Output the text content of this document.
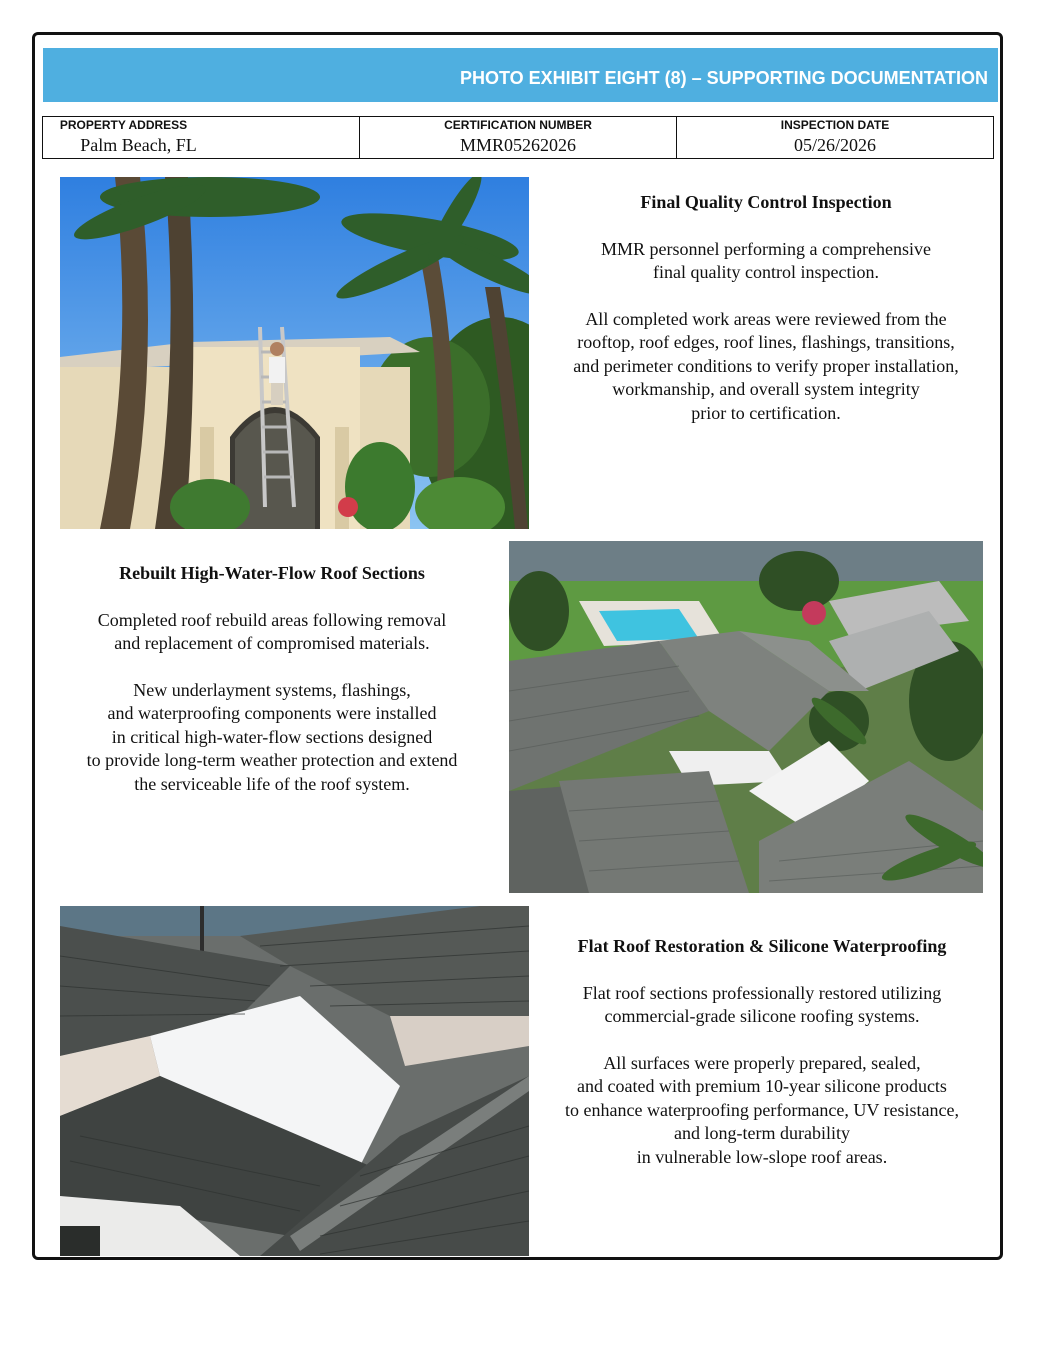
PHOTO EXHIBIT EIGHT (8) – SUPPORTING DOCUMENTATION
PROPERTY ADDRESS
Palm Beach, FL
CERTIFICATION NUMBER
MMR05262026
INSPECTION DATE
05/26/2026
Final Quality Control Inspection
MMR personnel performing a comprehensive
final quality control inspection.
All completed work areas were reviewed from the
rooftop, roof edges, roof lines, flashings, transitions,
and perimeter conditions to verify proper installation,
workmanship, and overall system integrity
prior to certification.
Rebuilt High-Water-Flow Roof Sections
Completed roof rebuild areas following removal
and replacement of compromised materials.
New underlayment systems, flashings,
and waterproofing components were installed
in critical high-water-flow sections designed
to provide long-term weather protection and extend
the serviceable life of the roof system.
Flat Roof Restoration & Silicone Waterproofing
Flat roof sections professionally restored utilizing
commercial-grade silicone roofing systems.
All surfaces were properly prepared, sealed,
and coated with premium 10-year silicone products
to enhance waterproofing performance, UV resistance,
and long-term durability
in vulnerable low-slope roof areas.
